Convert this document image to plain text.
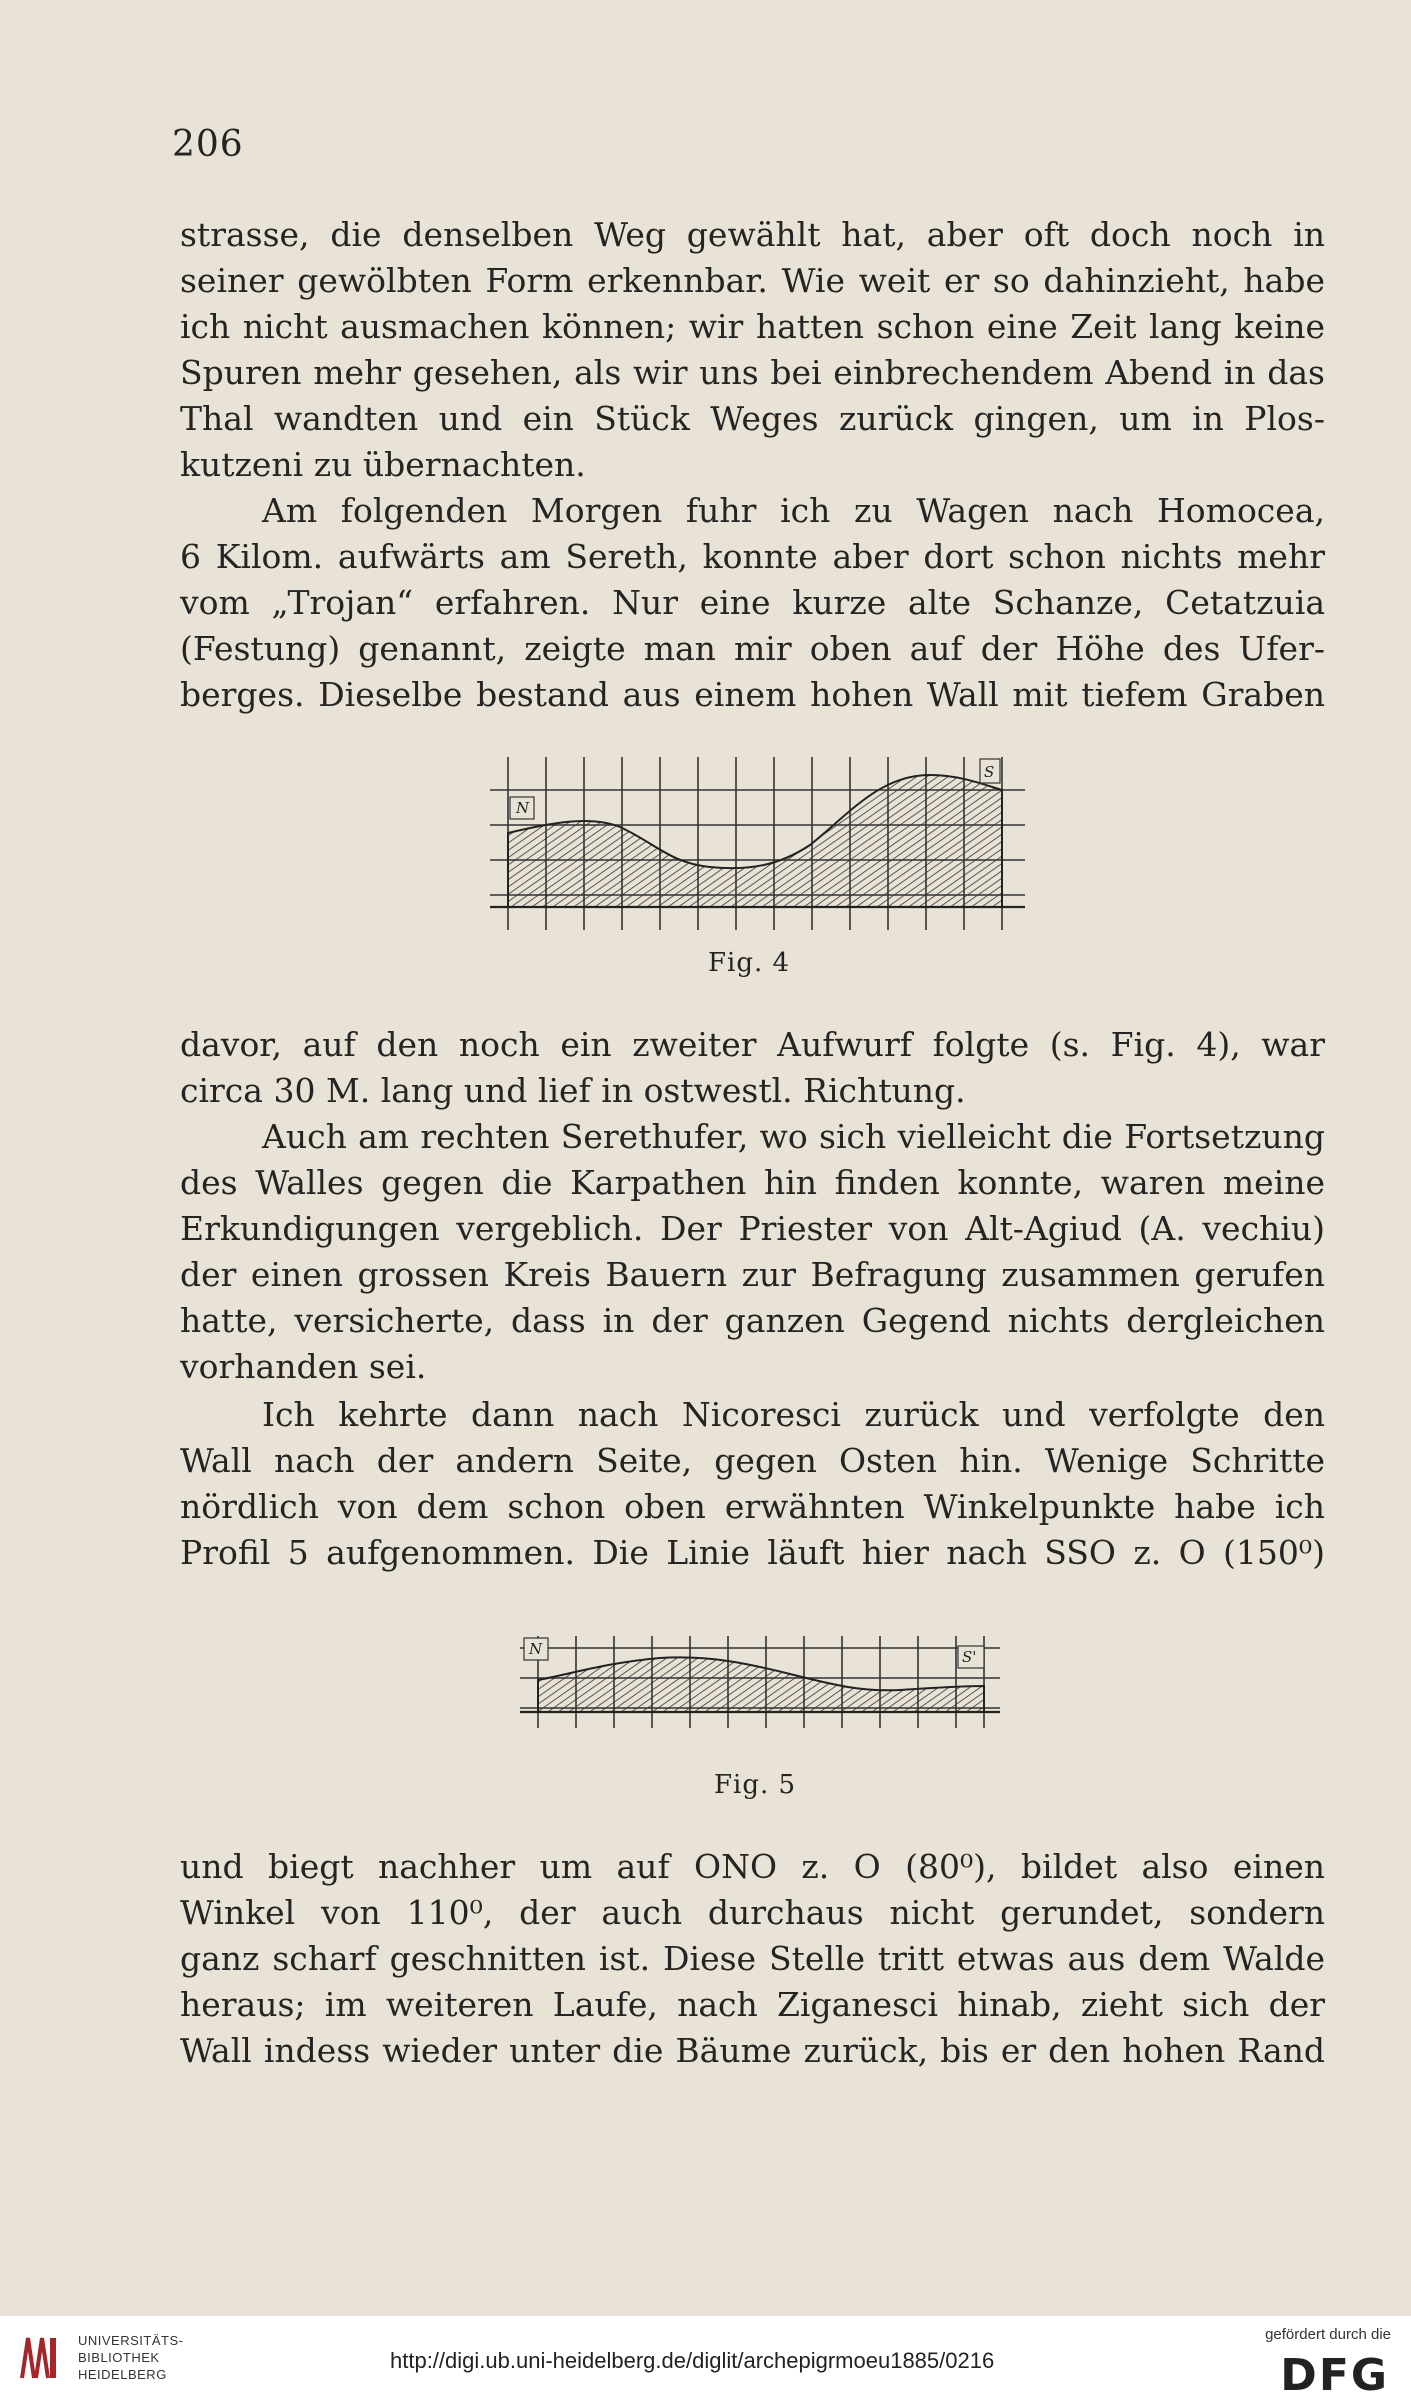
206
strasse, die denselben Weg gewählt hat, aber oft doch noch in
seiner gewölbten Form erkennbar. Wie weit er so dahinzieht, habe
ich nicht ausmachen können; wir hatten schon eine Zeit lang keine
Spuren mehr gesehen, als wir uns bei einbrechendem Abend in das
Thal wandten und ein Stück Weges zurück gingen, um in Plos-
kutzeni zu übernachten.
Am folgenden Morgen fuhr ich zu Wagen nach Homocea,
6 Kilom. aufwärts am Sereth, konnte aber dort schon nichts mehr
vom „Trojan“ erfahren. Nur eine kurze alte Schanze, Cetatzuia
(Festung) genannt, zeigte man mir oben auf der Höhe des Ufer-
berges. Dieselbe bestand aus einem hohen Wall mit tiefem Graben
N
S
Fig. 4
davor, auf den noch ein zweiter Aufwurf folgte (s. Fig. 4), war
circa 30 M. lang und lief in ostwestl. Richtung.
Auch am rechten Serethufer, wo sich vielleicht die Fortsetzung
des Walles gegen die Karpathen hin finden konnte, waren meine
Erkundigungen vergeblich. Der Priester von Alt-Agiud (A. vechiu)
der einen grossen Kreis Bauern zur Befragung zusammen gerufen
hatte, versicherte, dass in der ganzen Gegend nichts dergleichen
vorhanden sei.
Ich kehrte dann nach Nicoresci zurück und verfolgte den
Wall nach der andern Seite, gegen Osten hin. Wenige Schritte
nördlich von dem schon oben erwähnten Winkelpunkte habe ich
Profil 5 aufgenommen. Die Linie läuft hier nach SSO z. O (150⁰)
N	S'
Fig. 5
und biegt nachher um auf ONO z. O (80⁰), bildet also einen
Winkel von 110⁰, der auch durchaus nicht gerundet, sondern
ganz scharf geschnitten ist. Diese Stelle tritt etwas aus dem Walde
heraus; im weiteren Laufe, nach Ziganesci hinab, zieht sich der
Wall indess wieder unter die Bäume zurück, bis er den hohen Rand
UNIVERSITÄTS-
BIBLIOTHEK
HEIDELBERG
http://digi.ub.uni-heidelberg.de/diglit/archepigrmoeu1885/0216
gefördert durch die
DFG
